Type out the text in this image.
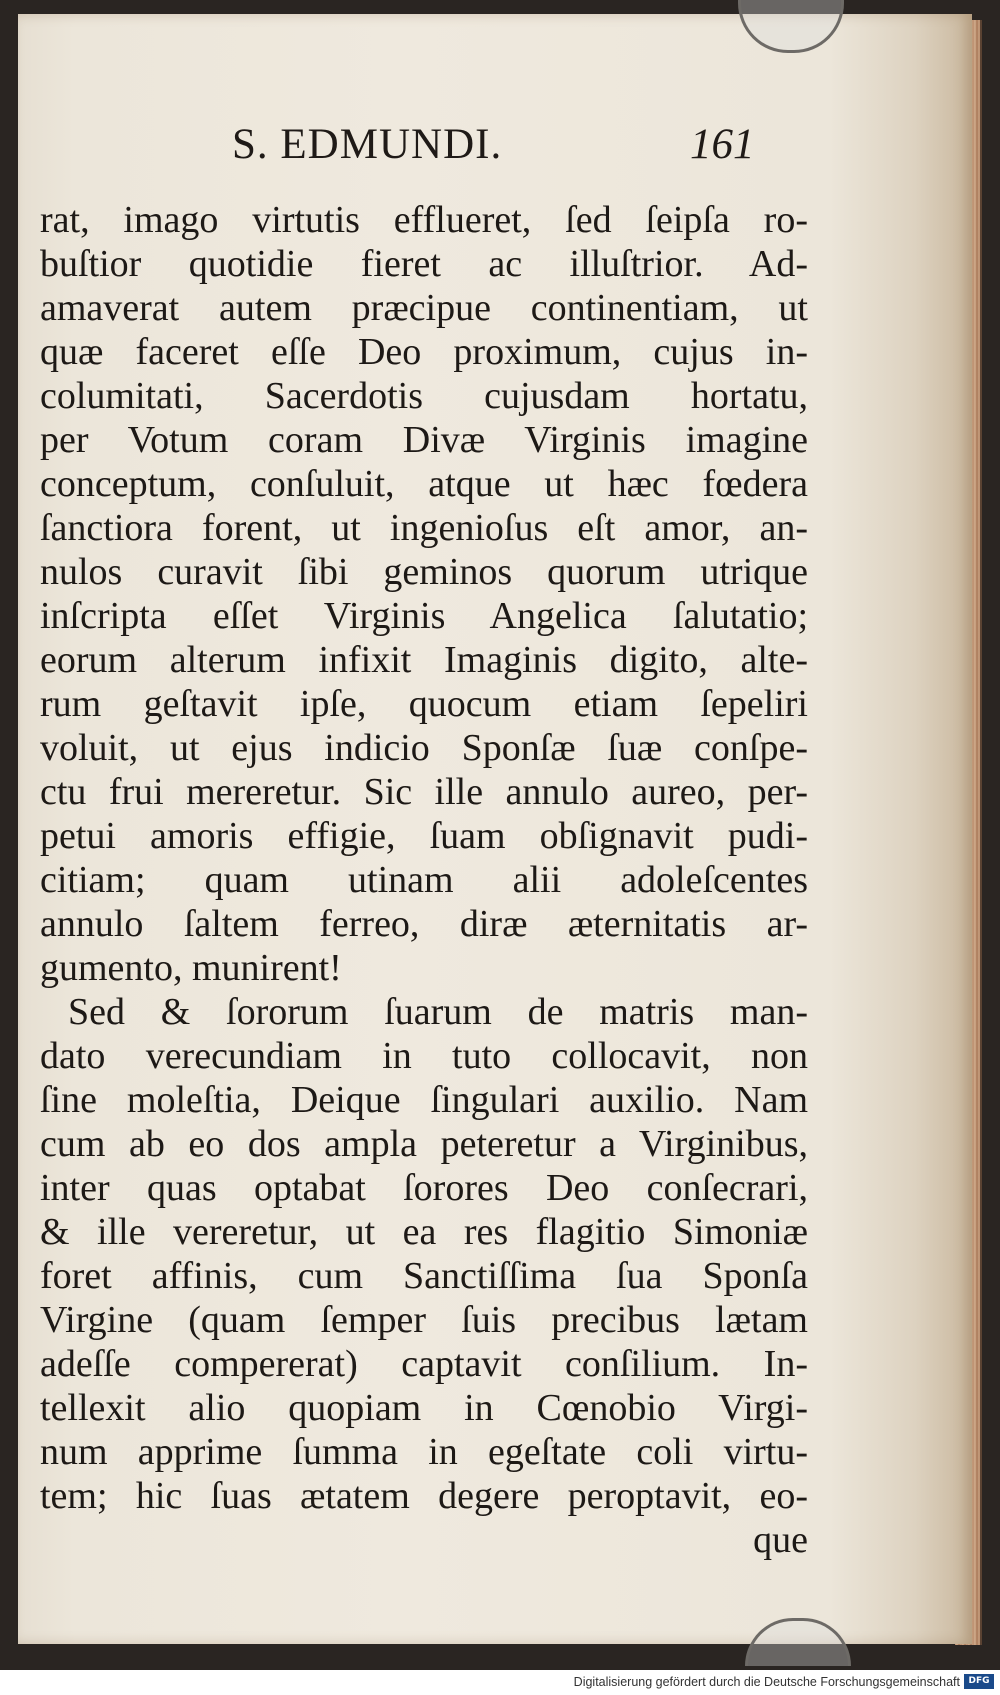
S. EDMUNDI.	161
rat, imago virtutis efflueret, ſed ſeipſa ro-
buſtior quotidie fieret ac illuſtrior. Ad-
amaverat autem præcipue continentiam, ut
quæ faceret eſſe Deo proximum, cujus in-
columitati, Sacerdotis cujusdam hortatu,
per Votum coram Divæ Virginis imagine
conceptum, conſuluit, atque ut hæc fœdera
ſanctiora forent, ut ingenioſus eſt amor, an-
nulos curavit ſibi geminos quorum utrique
inſcripta eſſet Virginis Angelica ſalutatio;
eorum alterum infixit Imaginis digito, alte-
rum geſtavit ipſe, quocum etiam ſepeliri
voluit, ut ejus indicio Sponſæ ſuæ conſpe-
ctu frui mereretur. Sic ille annulo aureo, per-
petui amoris effigie, ſuam obſignavit pudi-
citiam; quam utinam alii adoleſcentes
annulo ſaltem ferreo, diræ æternitatis ar-
gumento, munirent!
Sed & ſororum ſuarum de matris man-
dato verecundiam in tuto collocavit, non
ſine moleſtia, Deique ſingulari auxilio. Nam
cum ab eo dos ampla peteretur a Virginibus,
inter quas optabat ſorores Deo conſecrari,
& ille vereretur, ut ea res flagitio Simoniæ
foret affinis, cum Sanctiſſima ſua Sponſa
Virgine (quam ſemper ſuis precibus lætam
adeſſe compererat) captavit conſilium. In-
tellexit alio quopiam in Cœnobio Virgi-
num apprime ſumma in egeſtate coli virtu-
tem; hic ſuas ætatem degere peroptavit, eo-
que
Digitalisierung gefördert durch die Deutsche Forschungsgemeinschaft DFG
